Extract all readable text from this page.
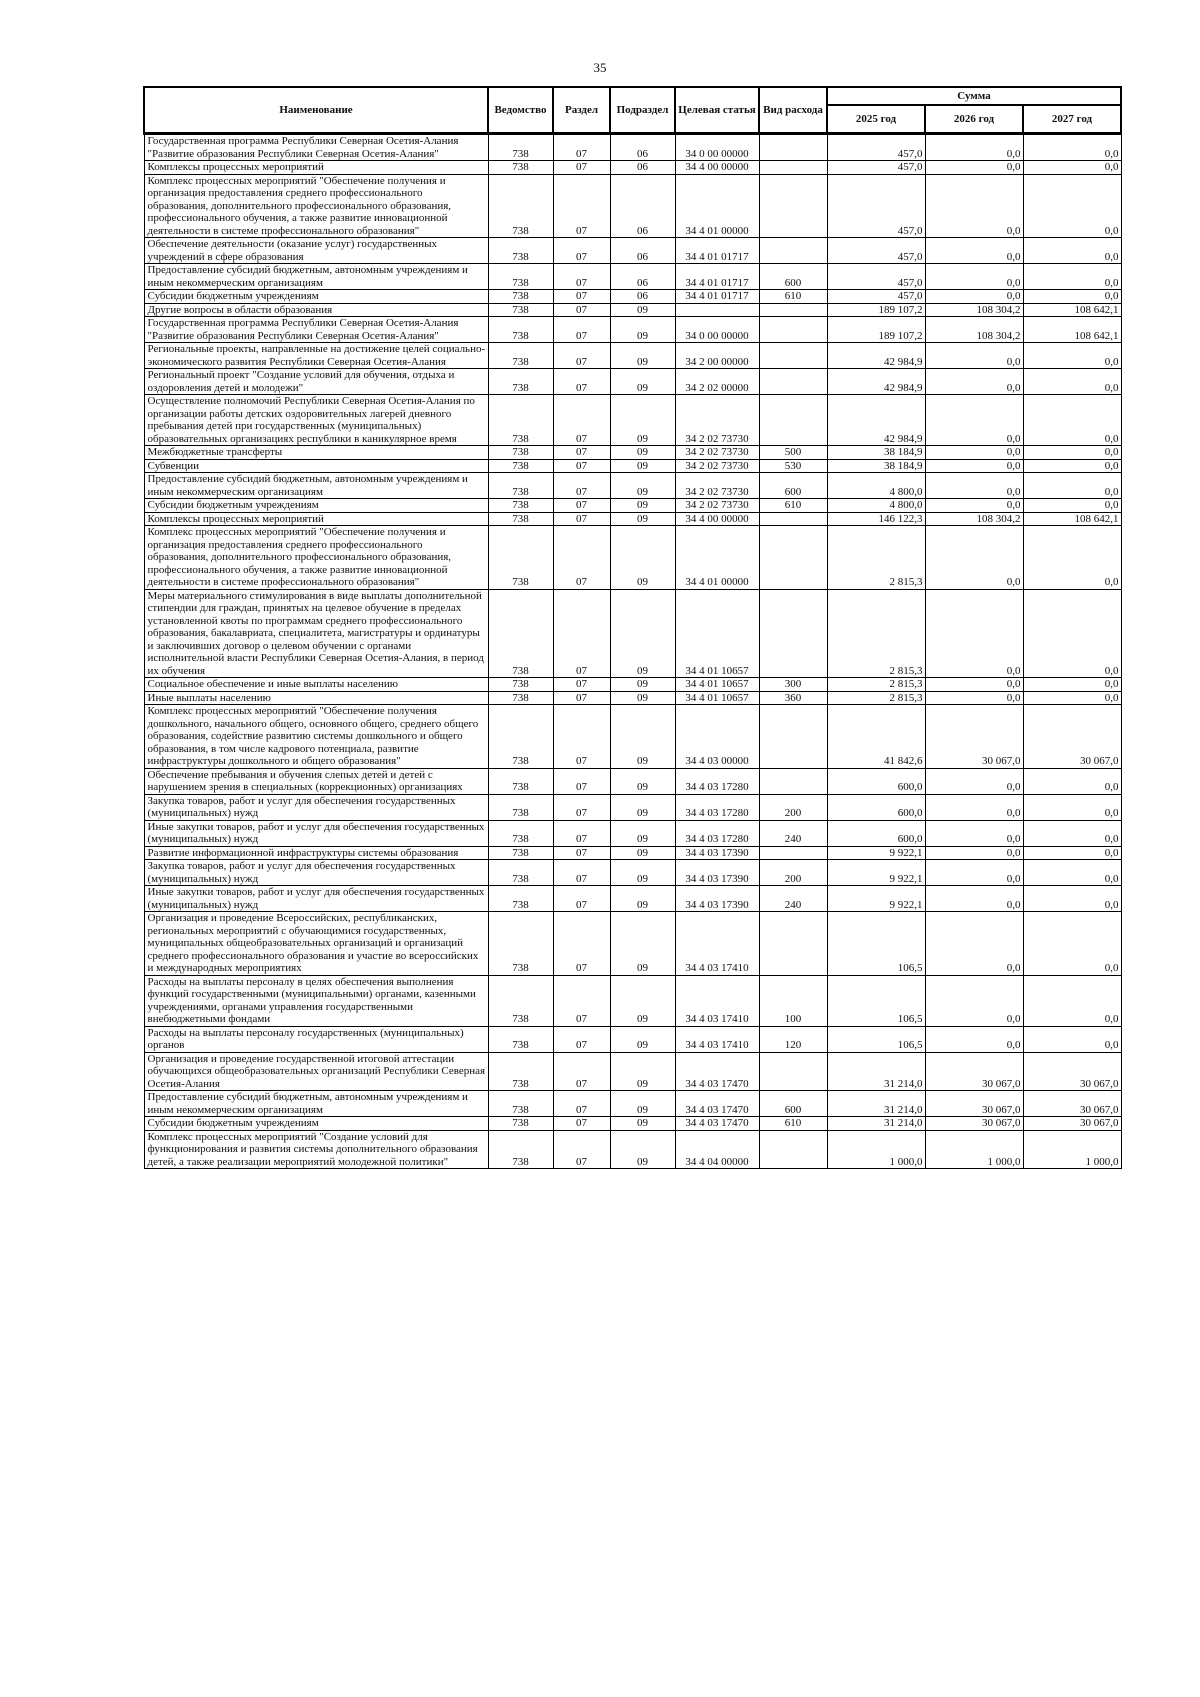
35
Наименование	Ведомство	Раздел	Подраздел	Целевая статья	Вид расхода	Сумма		
						2025 год	2026 год	2027 год
Государственная программа Республики Северная Осетия-Алания "Развитие образования Республики Северная Осетия-Алания"	738	07	06	34 0 00 00000		457,0	0,0	0,0
Комплексы процессных мероприятий	738	07	06	34 4 00 00000		457,0	0,0	0,0
Комплекс процессных мероприятий "Обеспечение получения и организация предоставления среднего профессионального образования, дополнительного профессионального образования, профессионального обучения, а также развитие инновационной деятельности в системе профессионального образования"	738	07	06	34 4 01 00000		457,0	0,0	0,0
Обеспечение деятельности (оказание услуг) государственных учреждений в сфере образования	738	07	06	34 4 01 01717		457,0	0,0	0,0
Предоставление субсидий бюджетным, автономным учреждениям и иным некоммерческим организациям	738	07	06	34 4 01 01717	600	457,0	0,0	0,0
Субсидии бюджетным учреждениям	738	07	06	34 4 01 01717	610	457,0	0,0	0,0
Другие вопросы в области образования	738	07	09			189 107,2	108 304,2	108 642,1
Государственная программа Республики Северная Осетия-Алания "Развитие образования Республики Северная Осетия-Алания"	738	07	09	34 0 00 00000		189 107,2	108 304,2	108 642,1
Региональные проекты, направленные на достижение целей социально-экономического развития Республики Северная Осетия-Алания	738	07	09	34 2 00 00000		42 984,9	0,0	0,0
Региональный проект "Создание условий для обучения, отдыха и оздоровления детей и молодежи"	738	07	09	34 2 02 00000		42 984,9	0,0	0,0
Осуществление полномочий Республики Северная Осетия-Алания по организации работы детских оздоровительных лагерей дневного пребывания детей при государственных (муниципальных) образовательных организациях республики в каникулярное время	738	07	09	34 2 02 73730		42 984,9	0,0	0,0
Межбюджетные трансферты	738	07	09	34 2 02 73730	500	38 184,9	0,0	0,0
Субвенции	738	07	09	34 2 02 73730	530	38 184,9	0,0	0,0
Предоставление субсидий бюджетным, автономным учреждениям и иным некоммерческим организациям	738	07	09	34 2 02 73730	600	4 800,0	0,0	0,0
Субсидии бюджетным учреждениям	738	07	09	34 2 02 73730	610	4 800,0	0,0	0,0
Комплексы процессных мероприятий	738	07	09	34 4 00 00000		146 122,3	108 304,2	108 642,1
Комплекс процессных мероприятий "Обеспечение получения и организация предоставления среднего профессионального образования, дополнительного профессионального образования, профессионального обучения, а также развитие инновационной деятельности в системе профессионального образования"	738	07	09	34 4 01 00000		2 815,3	0,0	0,0
Меры материального стимулирования в виде выплаты дополнительной стипендии для граждан, принятых на целевое обучение в пределах установленной квоты по программам среднего профессионального образования, бакалавриата, специалитета, магистратуры и ординатуры и заключивших договор о целевом обучении с органами исполнительной власти Республики Северная Осетия-Алания, в период их обучения	738	07	09	34 4 01 10657		2 815,3	0,0	0,0
Социальное обеспечение и иные выплаты населению	738	07	09	34 4 01 10657	300	2 815,3	0,0	0,0
Иные выплаты населению	738	07	09	34 4 01 10657	360	2 815,3	0,0	0,0
Комплекс процессных мероприятий "Обеспечение получения дошкольного, начального общего, основного общего, среднего общего образования, содействие развитию системы дошкольного и общего образования, в том числе кадрового потенциала, развитие инфраструктуры дошкольного и общего образования"	738	07	09	34 4 03 00000		41 842,6	30 067,0	30 067,0
Обеспечение пребывания и обучения слепых детей и детей с нарушением зрения в специальных (коррекционных) организациях	738	07	09	34 4 03 17280		600,0	0,0	0,0
Закупка товаров, работ и услуг для обеспечения государственных (муниципальных) нужд	738	07	09	34 4 03 17280	200	600,0	0,0	0,0
Иные закупки товаров, работ и услуг для обеспечения государственных (муниципальных) нужд	738	07	09	34 4 03 17280	240	600,0	0,0	0,0
Развитие информационной инфраструктуры системы образования	738	07	09	34 4 03 17390		9 922,1	0,0	0,0
Закупка товаров, работ и услуг для обеспечения государственных (муниципальных) нужд	738	07	09	34 4 03 17390	200	9 922,1	0,0	0,0
Иные закупки товаров, работ и услуг для обеспечения государственных (муниципальных) нужд	738	07	09	34 4 03 17390	240	9 922,1	0,0	0,0
Организация и проведение Всероссийских, республиканских, региональных мероприятий с обучающимися государственных, муниципальных общеобразовательных организаций и организаций среднего профессионального образования и участие во всероссийских и международных мероприятиях	738	07	09	34 4 03 17410		106,5	0,0	0,0
Расходы на выплаты персоналу в целях обеспечения выполнения функций государственными (муниципальными) органами, казенными учреждениями, органами управления государственными внебюджетными фондами	738	07	09	34 4 03 17410	100	106,5	0,0	0,0
Расходы на выплаты персоналу государственных (муниципальных) органов	738	07	09	34 4 03 17410	120	106,5	0,0	0,0
Организация и проведение государственной итоговой аттестации обучающихся общеобразовательных организаций Республики Северная Осетия-Алания	738	07	09	34 4 03 17470		31 214,0	30 067,0	30 067,0
Предоставление субсидий бюджетным, автономным учреждениям и иным некоммерческим организациям	738	07	09	34 4 03 17470	600	31 214,0	30 067,0	30 067,0
Субсидии бюджетным учреждениям	738	07	09	34 4 03 17470	610	31 214,0	30 067,0	30 067,0
Комплекс процессных мероприятий "Создание условий для функционирования и развития системы дополнительного образования детей, а также реализации мероприятий молодежной политики"	738	07	09	34 4 04 00000		1 000,0	1 000,0	1 000,0
